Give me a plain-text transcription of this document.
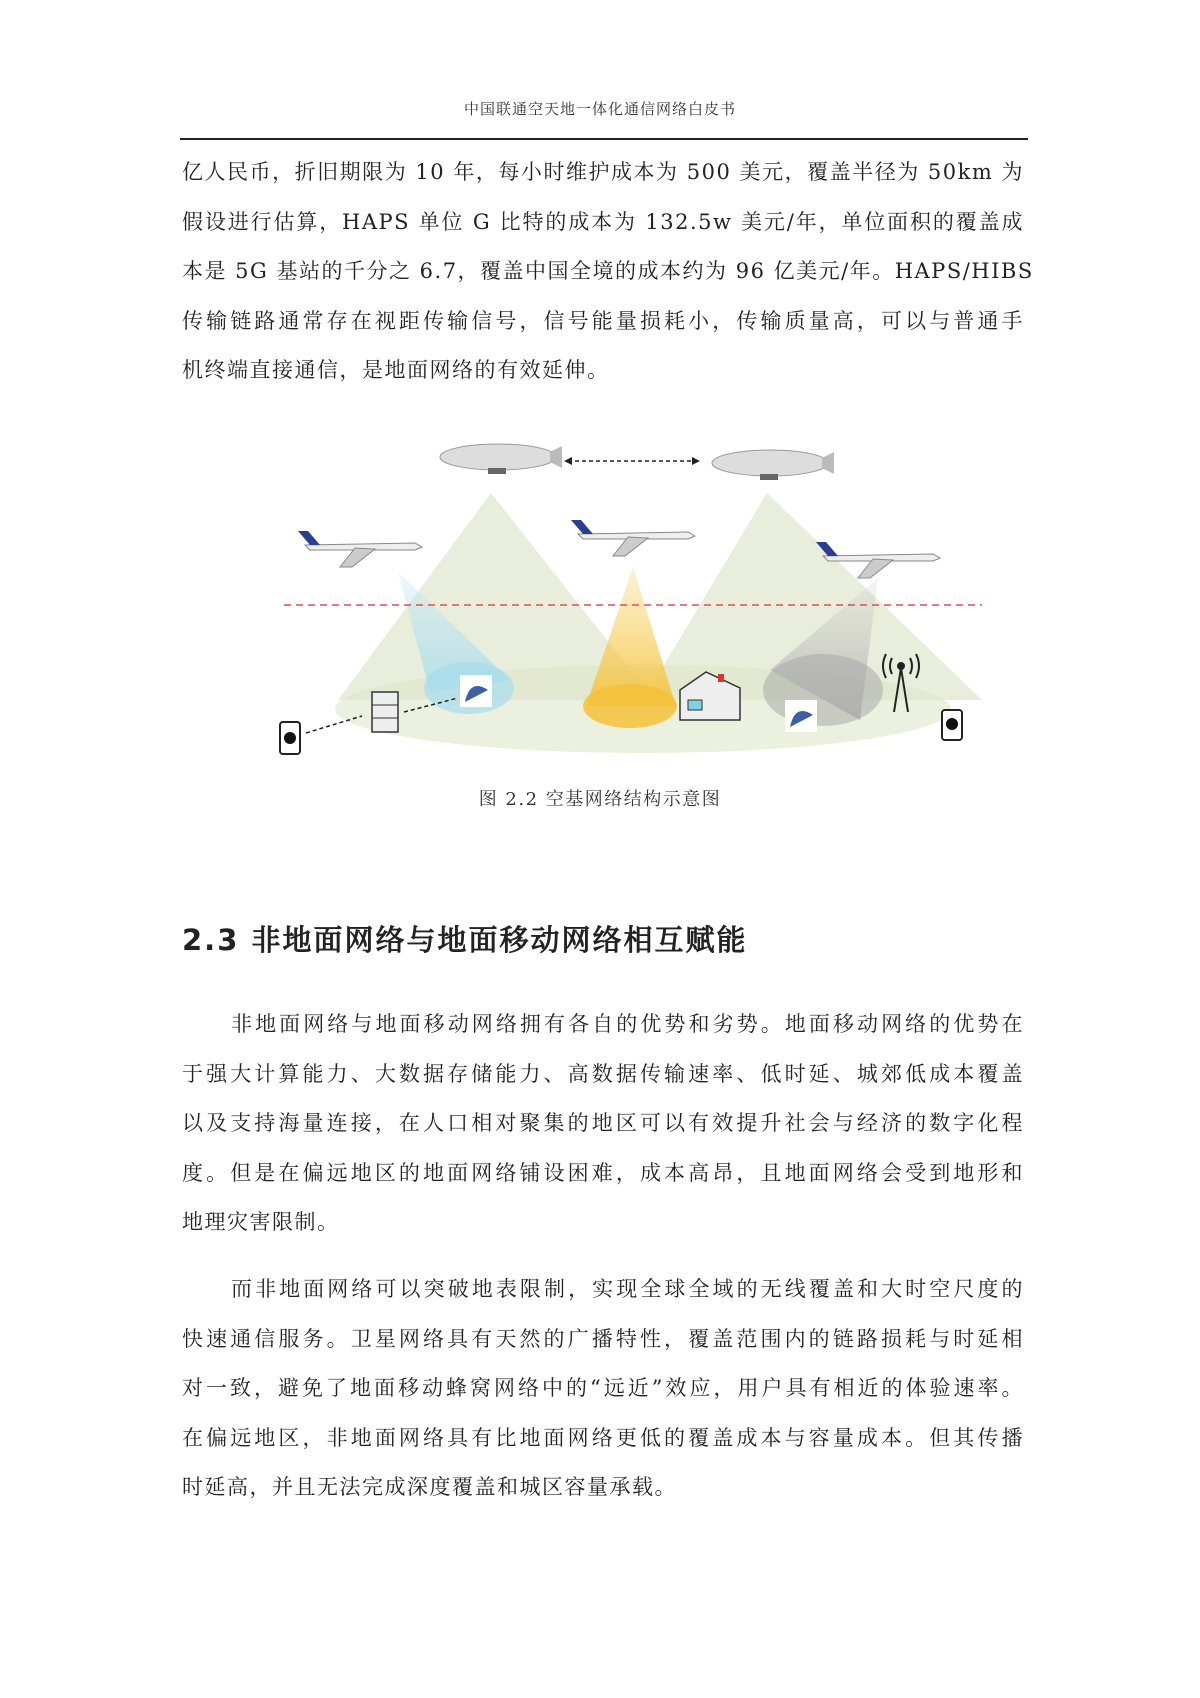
中国联通空天地一体化通信网络白皮书
亿人民币，折旧期限为 10 年，每小时维护成本为 500 美元，覆盖半径为 50km 为
假设进行估算，HAPS 单位 G 比特的成本为 132.5w 美元/年，单位面积的覆盖成
本是 5G 基站的千分之 6.7，覆盖中国全境的成本约为 96 亿美元/年。HAPS/HIBS
传输链路通常存在视距传输信号，信号能量损耗小，传输质量高，可以与普通手
机终端直接通信，是地面网络的有效延伸。
图 2.2 空基网络结构示意图
2.3 非地面网络与地面移动网络相互赋能
非地面网络与地面移动网络拥有各自的优势和劣势。地面移动网络的优势在
于强大计算能力、大数据存储能力、高数据传输速率、低时延、城郊低成本覆盖
以及支持海量连接，在人口相对聚集的地区可以有效提升社会与经济的数字化程
度。但是在偏远地区的地面网络铺设困难，成本高昂，且地面网络会受到地形和
地理灾害限制。
而非地面网络可以突破地表限制，实现全球全域的无线覆盖和大时空尺度的
快速通信服务。卫星网络具有天然的广播特性，覆盖范围内的链路损耗与时延相
对一致，避免了地面移动蜂窝网络中的“远近”效应，用户具有相近的体验速率。
在偏远地区，非地面网络具有比地面网络更低的覆盖成本与容量成本。但其传播
时延高，并且无法完成深度覆盖和城区容量承载。
